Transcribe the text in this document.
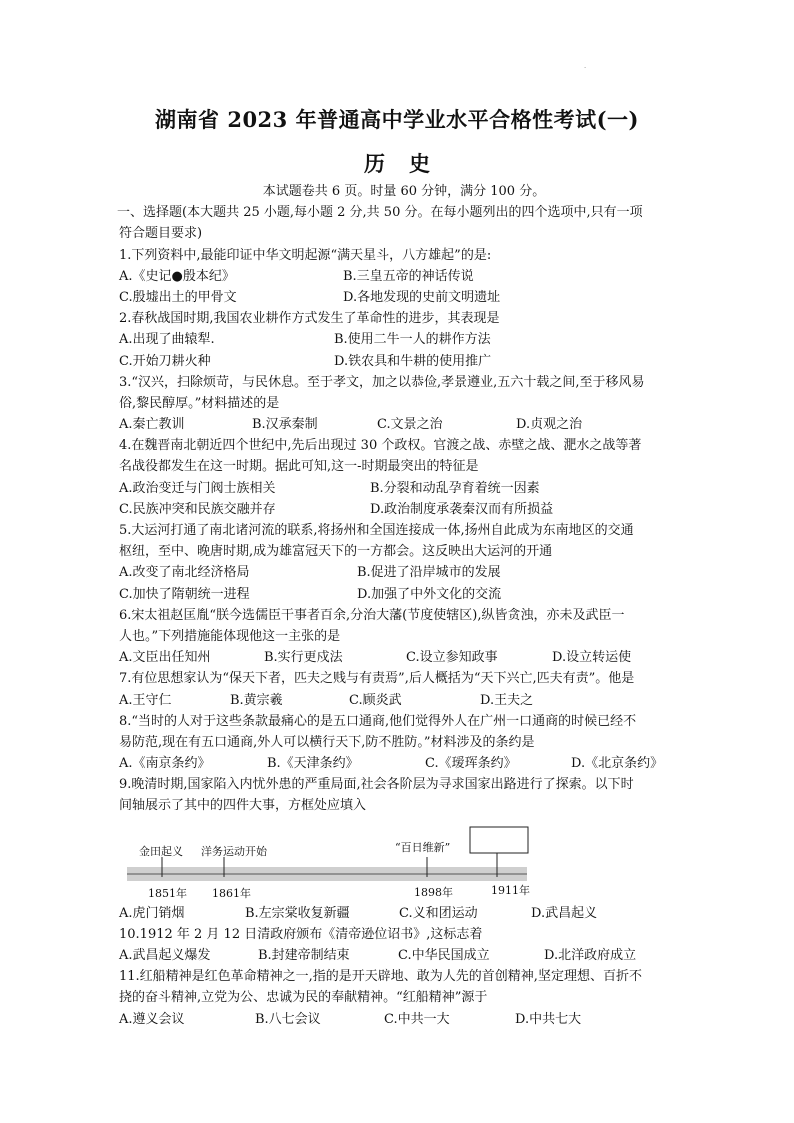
·
湖南省 2023 年普通高中学业水平合格性考试(一)
历史
本试题卷共 6 页。时量 60 分钟，满分 100 分。
一、选择题(本大题共 25 小题,每小题 2 分,共 50 分。在每小题列出的四个选项中,只有一项
符合题目要求)
1.下列资料中,最能印证中华文明起源“满天星斗，八方雄起”的是:
A.《史记●殷本纪》	B.三皇五帝的神话传说
C.殷墟出土的甲骨文	D.各地发现的史前文明遗址
2.春秋战国时期,我国农业耕作方式发生了革命性的进步，其表现是
A.出现了曲辕犁.	B.使用二牛一人的耕作方法
C.开始刀耕火种	D.铁农具和牛耕的使用推广
3.“汉兴，扫除烦苛，与民休息。至于孝文，加之以恭俭,孝景遵业,五六十载之间,至于移风易
俗,黎民醇厚。”材料描述的是
A.秦亡教训	B.汉承秦制	C.文景之治	D.贞观之治
4.在魏晋南北朝近四个世纪中,先后出现过 30 个政权。官渡之战、赤壁之战、淝水之战等著
名战役都发生在这一时期。据此可知,这一-时期最突出的特征是
A.政治变迁与门阀士族相关	B.分裂和动乱孕育着统一因素
C.民族冲突和民族交融并存	D.政治制度承袭秦汉而有所损益
5.大运河打通了南北诸河流的联系,将扬州和全国连接成一体,扬州自此成为东南地区的交通
枢纽，至中、晚唐时期,成为雄富冠天下的一方都会。这反映出大运河的开通
A.改变了南北经济格局	B.促进了沿岸城市的发展
C.加快了隋朝统一进程	D.加强了中外文化的交流
6.宋太祖赵匡胤“朕今选儒臣干事者百余,分治大藩(节度使辖区),纵皆贪浊，亦未及武臣一
人也。”下列措施能体现他这一主张的是
A.文臣出任知州	B.实行更戍法	C.设立参知政事	D.设立转运使
7.有位思想家认为“保天下者，匹夫之贱与有责焉”,后人概括为“天下兴亡,匹夫有责”。他是
A.王守仁	B.黄宗羲	C.顾炎武	D.王夫之
8.“当时的人对于这些条款最痛心的是五口通商,他们觉得外人在广州一口通商的时候已经不
易防范,现在有五口通商,外人可以横行天下,防不胜防。”材料涉及的条约是
A.《南京条约》	B.《天津条约》	C.《瑷珲条约》	D.《北京条约》
9.晚清时期,国家陷入内忧外患的严重局面,社会各阶层为寻求国家出路进行了探索。以下时
间轴展示了其中的四件大事，方框处应填入
金田起义 洋务运动开始	“百日维新”
1851年 1861年	1898年	1911年
A.虎门销烟	B.左宗棠收复新疆	C.义和团运动	D.武昌起义
10.1912 年 2 月 12 日清政府颁布《清帝逊位诏书》,这标志着
A.武昌起义爆发	B.封建帝制结束	C.中华民国成立	D.北洋政府成立
11.红船精神是红色革命精神之一,指的是开天辟地、敢为人先的首创精神,坚定理想、百折不
挠的奋斗精神,立党为公、忠诚为民的奉献精神。“红船精神”源于
A.遵义会议	B.八七会议	C.中共一大	D.中共七大
